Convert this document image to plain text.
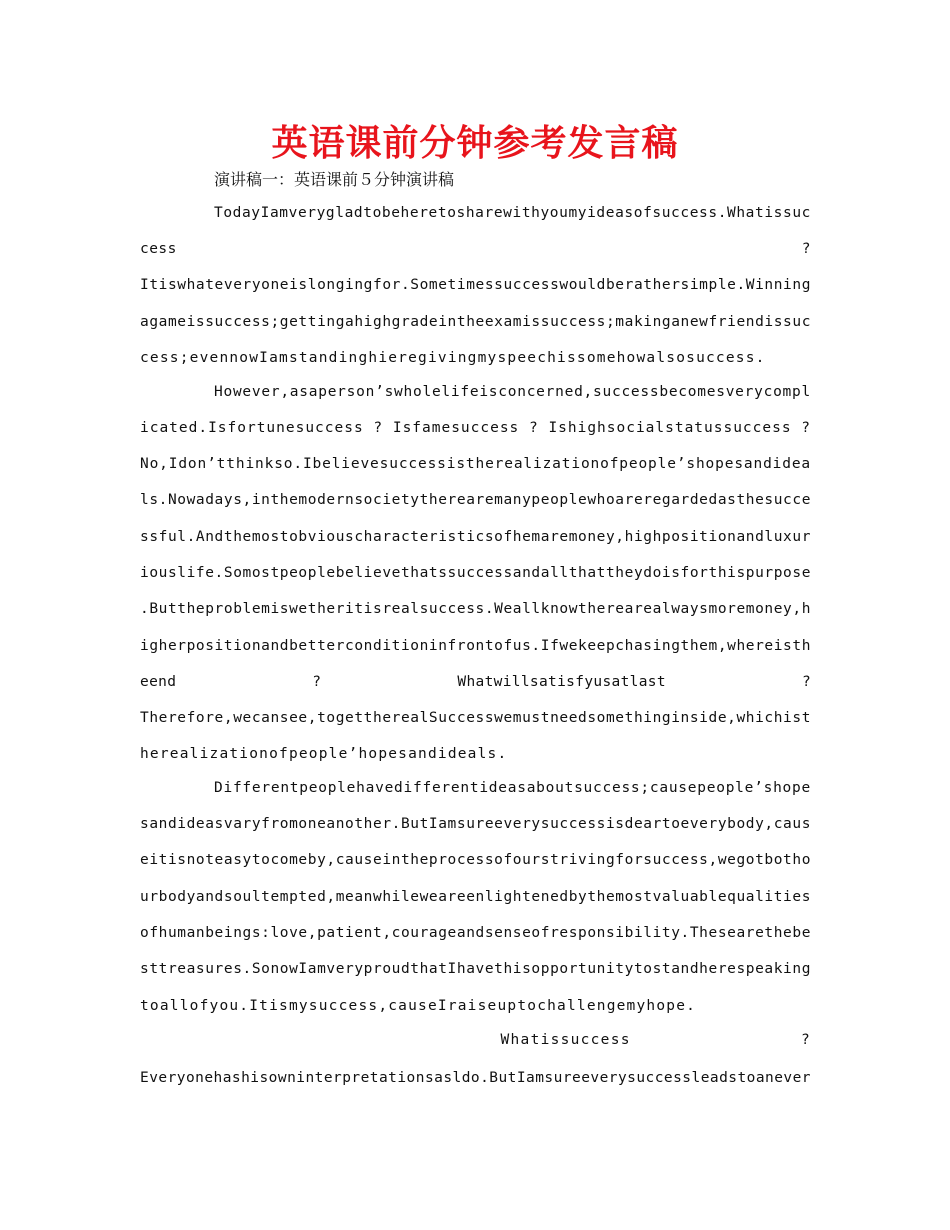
英语课前分钟参考发言稿
演讲稿一：英语课前５分钟演讲稿
TodayIamverygladtobeheretosharewithyoumyideasofsuccess.Whatissuc
cess                                                                    ?
Itiswhateveryoneislongingfor.Sometimessuccesswouldberathersimple.Winning
agameissuccess;gettingahighgradeintheexamissuccess;makinganewfriendissuc
cess;evennowIamstandinghieregivingmyspeechissomehowalsosuccess.
However,asaperson’swholelifeisconcerned,successbecomesverycompl
icated.Isfortunesuccess ? Isfamesuccess ? Ishighsocialstatussuccess ?
No,Idon’tthinkso.Ibelievesuccessistherealizationofpeople’shopesandidea
ls.Nowadays,inthemodernsocietytherearemanypeoplewhoareregardedasthesucce
ssful.Andthemostobviouscharacteristicsofhemaremoney,highpositionandluxur
iouslife.Somostpeoplebelievethatssuccessandallthattheydoisforthispurpose
.Buttheproblemiswetheritisrealsuccess.Weallknowtherearealwaysmoremoney,h
igherpositionandbetterconditioninfrontofus.Ifwekeepchasingthem,whereisth
eend               ?               Whatwillsatisfyusatlast               ?
Therefore,wecansee,togettherealSuccesswemustneedsomethinginside,whichist
herealizationofpeople’hopesandideals.
Differentpeoplehavedifferentideasaboutsuccess;causepeople’shope
sandideasvaryfromoneanother.ButIamsureeverysuccessisdeartoeverybody,caus
eitisnoteasytocomeby,causeintheprocessofourstrivingforsuccess,wegotbotho
urbodyandsoultempted,meanwhileweareenlightenedbythemostvaluablequalities
ofhumanbeings:love,patient,courageandsenseofresponsibility.Thesearethebe
sttreasures.SonowIamveryproudthatIhavethisopportunitytostandherespeaking
toallofyou.Itismysuccess,causeIraiseuptochallengemyhope.
Whatissuccess                 ?
Everyonehashisowninterpretationsasldo.ButIamsureeverysuccessleadstoanever
